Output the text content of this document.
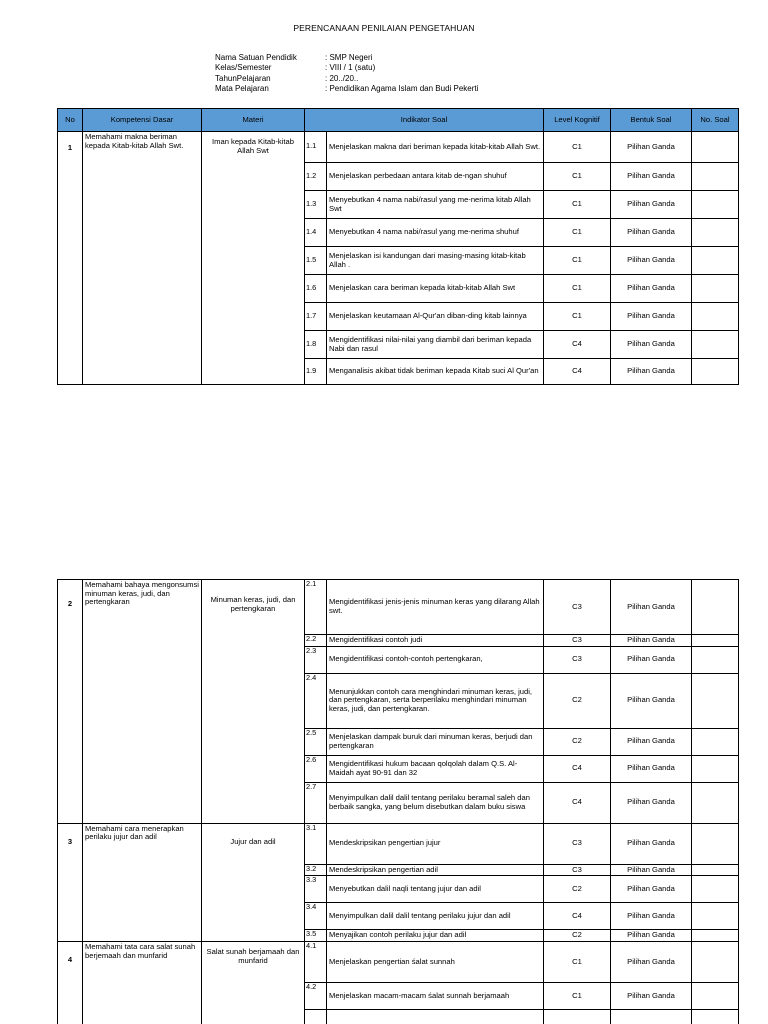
PERENCANAAN PENILAIAN PENGETAHUAN
Nama Satuan Pendidik	: SMP Negeri
Kelas/Semester	: VIII / 1 (satu)
TahunPelajaran	: 20../20..
Mata Pelajaran	: Pendidikan Agama Islam dan Budi Pekerti
No	Kompetensi Dasar	Materi	Indikator Soal		Level Kognitif	Bentuk Soal	No. Soal
1	Memahami makna beriman kepada Kitab-kitab Allah Swt.	Iman kepada Kitab-kitab Allah Swt	1.1	Menjelaskan makna dari beriman kepada kitab-kitab Allah Swt.	C1	Pilihan Ganda	
			1.2	Menjelaskan perbedaan antara kitab de-ngan shuhuf	C1	Pilihan Ganda	
			1.3	Menyebutkan 4 nama nabi/rasul yang me-nerima kitab Allah Swt	C1	Pilihan Ganda	
			1.4	Menyebutkan 4 nama nabi/rasul yang me-nerima shuhuf	C1	Pilihan Ganda	
			1.5	Menjelaskan isi kandungan dari masing-masing kitab-kitab Allah .	C1	Pilihan Ganda	
			1.6	Menjelaskan cara beriman kepada kitab-kitab Allah Swt	C1	Pilihan Ganda	
			1.7	Menjelaskan keutamaan Al-Qur'an diban-ding kitab lainnya	C1	Pilihan Ganda	
			1.8	Mengidentifikasi nilai-nilai yang diambil dari beriman kepada Nabi dan rasul	C4	Pilihan Ganda	
			1.9	Menganalisis akibat tidak beriman kepada Kitab suci Al Qur'an	C4	Pilihan Ganda	
2	Memahami bahaya mengonsumsi minuman keras, judi, dan pertengkaran	Minuman keras, judi, dan pertengkaran	2.1	Mengidentifikasi jenis-jenis minuman keras yang dilarang Allah swt.	C3	Pilihan Ganda	
			2.2	Mengidentifikasi contoh judi	C3	Pilihan Ganda	
			2.3	Mengidentifikasi contoh-contoh pertengkaran,	C3	Pilihan Ganda	
			2.4	Menunjukkan contoh cara menghindari minuman keras, judi, dan pertengkaran, serta berperilaku menghindari minuman keras, judi, dan pertengkaran.	C2	Pilihan Ganda	
			2.5	Menjelaskan dampak buruk dari minuman keras, berjudi dan pertengkaran	C2	Pilihan Ganda	
			2.6	Mengidentifikasi hukum bacaan qolqolah dalam Q.S. Al-Maidah ayat 90-91 dan 32	C4	Pilihan Ganda	
			2.7	Menyimpulkan dalil dalil tentang perilaku beramal saleh dan berbaik sangka, yang belum disebutkan dalam buku siswa	C4	Pilihan Ganda	
3	Memahami cara menerapkan perilaku jujur dan adil	Jujur dan adil	3.1	Mendeskripsikan pengertian jujur	C3	Pilihan Ganda	
			3.2	Mendeskripsikan pengertian adil	C3	Pilihan Ganda	
			3.3	Menyebutkan dalil naqli tentang jujur dan adil	C2	Pilihan Ganda	
			3.4	Menyimpulkan dalil dalil tentang perilaku jujur dan adil	C4	Pilihan Ganda	
			3.5	Menyajikan contoh perilaku jujur dan adil	C2	Pilihan Ganda	
4	Memahami tata cara salat sunah berjemaah dan munfarid	Salat sunah berjamaah dan munfarid	4.1	Menjelaskan pengertian śalat sunnah	C1	Pilihan Ganda	
			4.2	Menjelaskan macam-macam śalat sunnah berjamaah	C1	Pilihan Ganda	
